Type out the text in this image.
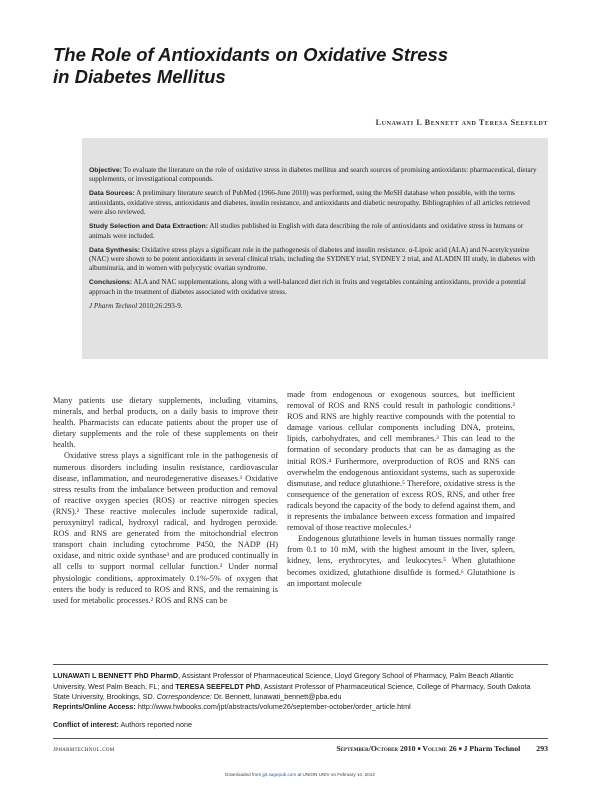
The Role of Antioxidants on Oxidative Stress
in Diabetes Mellitus
Lunawati L Bennett and Teresa Seefeldt

Objective: To evaluate the literature on the role of oxidative stress in diabetes mellitus and search sources of promising antioxidants: pharmaceutical, dietary supplements, or investigational compounds.

Data Sources: A preliminary literature search of PubMed (1966-June 2010) was performed, using the MeSH database when possible, with the terms antioxidants, oxidative stress, antioxidants and diabetes, insulin resistance, and antioxidants and diabetic neuropathy. Bibliographies of all articles retrieved were also reviewed.

Study Selection and Data Extraction: All studies published in English with data describing the role of antioxidants and oxidative stress in humans or animals were included.

Data Synthesis: Oxidative stress plays a significant role in the pathogenesis of diabetes and insulin resistance. α-Lipoic acid (ALA) and N-acetylcysteine (NAC) were shown to be potent antioxidants in several clinical trials, including the SYDNEY trial, SYDNEY 2 trial, and ALADIN III study, in diabetes with albuminuria, and in women with polycystic ovarian syndrome.

Conclusions: ALA and NAC supplementations, along with a well-balanced diet rich in fruits and vegetables containing antioxidants, provide a potential approach in the treatment of diabetes associated with oxidative stress.

J Pharm Technol 2010;26:293-9.

Many patients use dietary supplements, including vitamins, minerals, and herbal products, on a daily basis to improve their health. Pharmacists can educate patients about the proper use of dietary supplements and the role of these supplements on their health.

Oxidative stress plays a significant role in the pathogenesis of numerous disorders including insulin resistance, cardiovascular disease, inflammation, and neurodegenerative diseases.¹ Oxidative stress results from the imbalance between production and removal of reactive oxygen species (ROS) or reactive nitrogen species (RNS).² These reactive molecules include superoxide radical, peroxynitryl radical, hydroxyl radical, and hydrogen peroxide. ROS and RNS are generated from the mitochondrial electron transport chain including cytochrome P450, the NADP (H) oxidase, and nitric oxide synthase³ and are produced continually in all cells to support normal cellular function.² Under normal physiologic conditions, approximately 0.1%-5% of oxygen that enters the body is reduced to ROS and RNS, and the remaining is used for metabolic processes.² ROS and RNS can be

made from endogenous or exogenous sources, but inefficient removal of ROS and RNS could result in pathologic conditions.² ROS and RNS are highly reactive compounds with the potential to damage various cellular components including DNA, proteins, lipids, carbohydrates, and cell membranes.³ This can lead to the formation of secondary products that can be as damaging as the initial ROS.⁴ Furthermore, overproduction of ROS and RNS can overwhelm the endogenous antioxidant systems, such as superoxide dismutase, and reduce glutathione.⁵ Therefore, oxidative stress is the consequence of the generation of excess ROS, RNS, and other free radicals beyond the capacity of the body to defend against them, and it represents the imbalance between excess formation and impaired removal of those reactive molecules.²

Endogenous glutathione levels in human tissues normally range from 0.1 to 10 mM, with the highest amount in the liver, spleen, kidney, lens, erythrocytes, and leukocytes.⁵ When glutathione becomes oxidized, glutathione disulfide is formed.⁶ Glutathione is an important molecule

LUNAWATI L BENNETT PhD PharmD, Assistant Professor of Pharmaceutical Science, Lloyd Gregory School of Pharmacy, Palm Beach Atlantic University, West Palm Beach, FL; and TERESA SEEFELDT PhD, Assistant Professor of Pharmaceutical Science, College of Pharmacy, South Dakota State University, Brookings, SD. Correspondence: Dr. Bennett, lunawati_bennett@pba.edu
Reprints/Online Access: http://www.hwbooks.com/jpt/abstracts/volume26/september-october/order_article.html
Conflict of interest: Authors reported none
jpharmtechnol.com	September/October 2010 ■ Volume 26 ■ J Pharm Technol 293
Downloaded from jpt.sagepub.com at UNION UNIV on February 10, 2014
